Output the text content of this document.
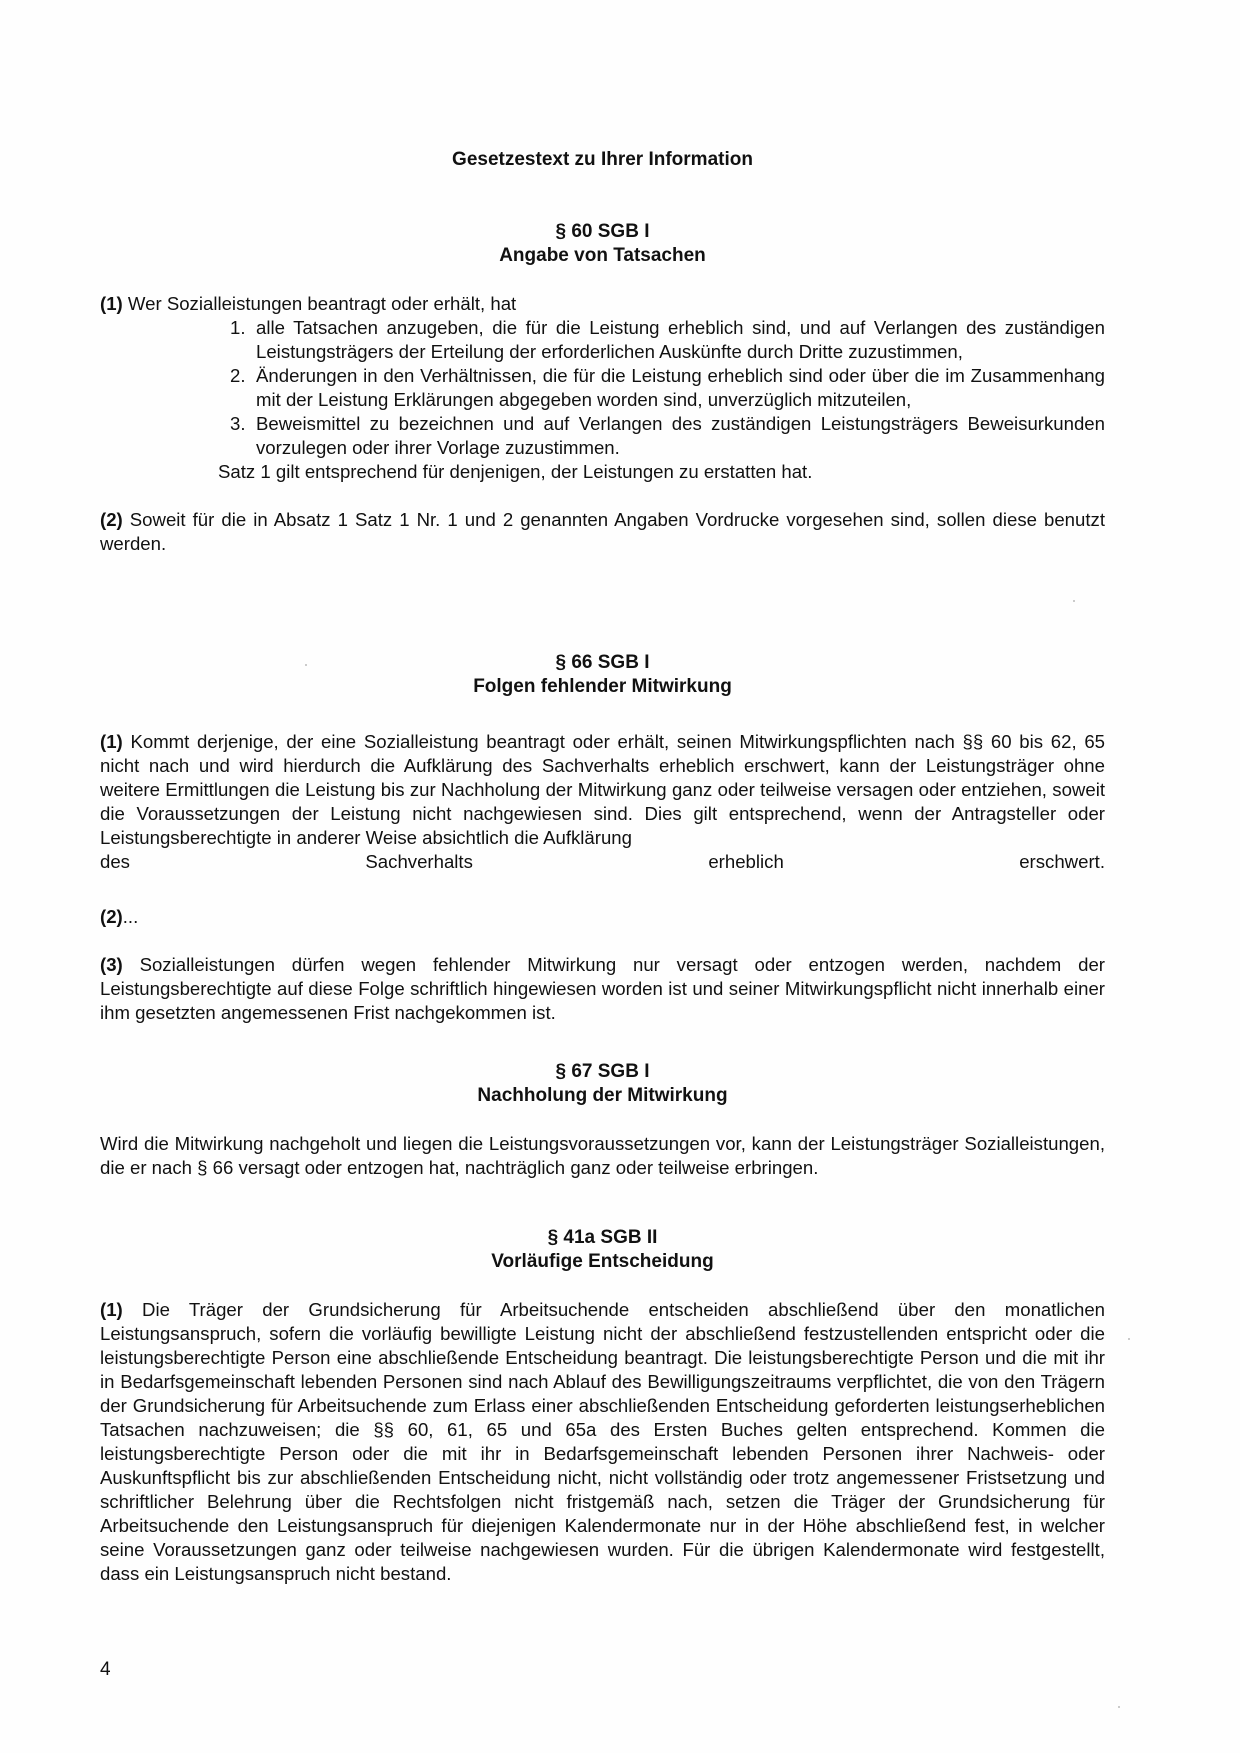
Gesetzestext zu Ihrer Information
§ 60 SGB I
Angabe von Tatsachen

(1) Wer Sozialleistungen beantragt oder erhält, hat

1. alle Tatsachen anzugeben, die für die Leistung erheblich sind, und auf Verlangen des zuständigen Leistungsträgers der Erteilung der erforderlichen Auskünfte durch Dritte zuzustimmen,
2. Änderungen in den Verhältnissen, die für die Leistung erheblich sind oder über die im Zusammenhang mit der Leistung Erklärungen abgegeben worden sind, unverzüglich mitzuteilen,
3. Beweismittel zu bezeichnen und auf Verlangen des zuständigen Leistungsträgers Beweisurkunden vorzulegen oder ihrer Vorlage zuzustimmen.

Satz 1 gilt entsprechend für denjenigen, der Leistungen zu erstatten hat.

(2) Soweit für die in Absatz 1 Satz 1 Nr. 1 und 2 genannten Angaben Vordrucke vorgesehen sind, sollen diese benutzt werden.

§ 66 SGB I
Folgen fehlender Mitwirkung

(1) Kommt derjenige, der eine Sozialleistung beantragt oder erhält, seinen Mitwirkungspflichten nach §§ 60 bis 62, 65 nicht nach und wird hierdurch die Aufklärung des Sachverhalts erheblich erschwert, kann der Leistungsträger ohne weitere Ermittlungen die Leistung bis zur Nachholung der Mitwirkung ganz oder teilweise versagen oder entziehen, soweit die Voraussetzungen der Leistung nicht nachgewiesen sind. Dies gilt entsprechend, wenn der Antragsteller oder Leistungsberechtigte in anderer Weise absichtlich die Aufklärung

des	Sachverhalts	erheblich	erschwert.

(2)...

(3) Sozialleistungen dürfen wegen fehlender Mitwirkung nur versagt oder entzogen werden, nachdem der Leistungsberechtigte auf diese Folge schriftlich hingewiesen worden ist und seiner Mitwirkungspflicht nicht innerhalb einer ihm gesetzten angemessenen Frist nachgekommen ist.

§ 67 SGB I
Nachholung der Mitwirkung

Wird die Mitwirkung nachgeholt und liegen die Leistungsvoraussetzungen vor, kann der Leistungsträger Sozialleistungen, die er nach § 66 versagt oder entzogen hat, nachträglich ganz oder teilweise erbringen.

§ 41a SGB II
Vorläufige Entscheidung

(1) Die Träger der Grundsicherung für Arbeitsuchende entscheiden abschließend über den monatlichen Leistungsanspruch, sofern die vorläufig bewilligte Leistung nicht der abschließend festzustellenden entspricht oder die leistungsberechtigte Person eine abschließende Entscheidung beantragt. Die leistungsberechtigte Person und die mit ihr in Bedarfsgemeinschaft lebenden Personen sind nach Ablauf des Bewilligungszeitraums verpflichtet, die von den Trägern der Grundsicherung für Arbeitsuchende zum Erlass einer abschließenden Entscheidung geforderten leistungserheblichen Tatsachen nachzuweisen; die §§ 60, 61, 65 und 65a des Ersten Buches gelten entsprechend. Kommen die leistungsberechtigte Person oder die mit ihr in Bedarfsgemeinschaft lebenden Personen ihrer Nachweis- oder Auskunftspflicht bis zur abschließenden Entscheidung nicht, nicht vollständig oder trotz angemessener Fristsetzung und schriftlicher Belehrung über die Rechtsfolgen nicht fristgemäß nach, setzen die Träger der Grundsicherung für Arbeitsuchende den Leistungsanspruch für diejenigen Kalendermonate nur in der Höhe abschließend fest, in welcher seine Voraussetzungen ganz oder teilweise nachgewiesen wurden. Für die übrigen Kalendermonate wird festgestellt, dass ein Leistungsanspruch nicht bestand.

4
